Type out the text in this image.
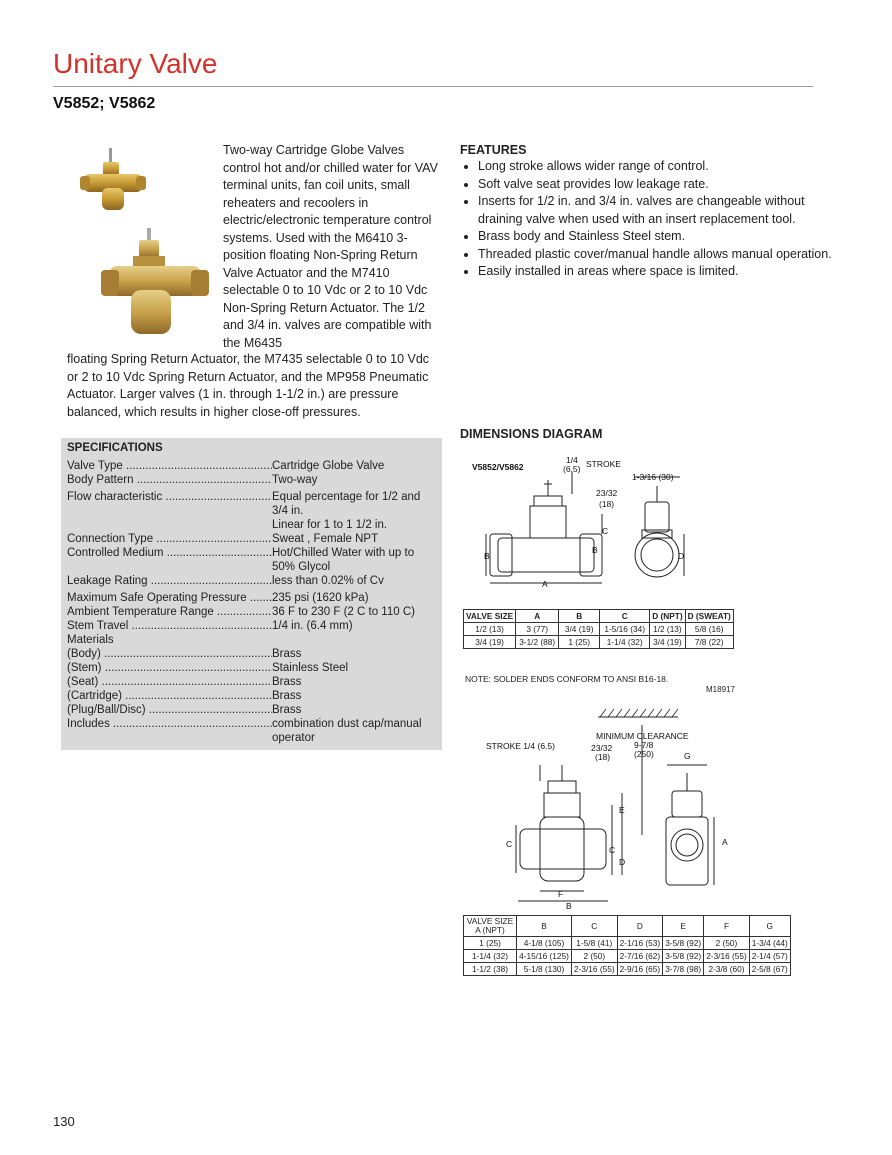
Unitary Valve
V5852; V5862
Two-way Cartridge Globe Valves control hot and/or chilled water for VAV terminal units, fan coil units, small reheaters and recoolers in electric/electronic temperature control systems. Used with the M6410 3-position floating Non-Spring Return Valve Actuator and the M7410 selectable 0 to 10 Vdc or 2 to 10 Vdc Non-Spring Return Actuator. The 1/2 and 3/4 in. valves are compatible with the M6435
floating Spring Return Actuator, the M7435 selectable 0 to 10 Vdc or 2 to 10 Vdc Spring Return Actuator, and the MP958 Pneumatic Actuator. Larger valves (1 in. through 1-1/2 in.) are pressure balanced, which results in higher close-off pressures.
FEATURES
• Long stroke allows wider range of control.
• Soft valve seat provides low leakage rate.
• Inserts for 1/2 in. and 3/4 in. valves are changeable without draining valve when used with an insert replacement tool.
• Brass body and Stainless Steel stem.
• Threaded plastic cover/manual handle allows manual operation.
• Easily installed in areas where space is limited.
SPECIFICATIONS
Valve Type .....	Cartridge Globe Valve
Body Pattern .....	Two-way
Flow characteristic .....	Equal percentage for 1/2 and 3/4 in.
Linear for 1 to 1 1/2 in.
Connection Type .....	Sweat , Female NPT
Controlled Medium .....	Hot/Chilled Water with up to 50% Glycol
Leakage Rating .....	less than 0.02% of Cv
Maximum Safe Operating Pressure .....	235 psi (1620 kPa)
Ambient Temperature Range .....	36 F to 230 F (2 C to 110 C)
Stem Travel .....	1/4 in. (6.4 mm)
Materials
(Body) .....	Brass
(Stem) .....	Stainless Steel
(Seat) .....	Brass
(Cartridge) .....	Brass
(Plug/Ball/Disc) .....	Brass
Includes .....	combination dust cap/manual operator
DIMENSIONS DIAGRAM
V5852/V5862
1/4
(6.5) STROKE
1-3/16 (30)
23/32
(18)
A
B
B
C
D
VALVE SIZE	A	B	C	D (NPT)	D (SWEAT)
1/2 (13)	3 (77)	3/4 (19)	1-5/16 (34)	1/2 (13)	5/8 (16)
3/4 (19)	3-1/2 (88)	1 (25)	1-1/4 (32)	3/4 (19)	7/8 (22)
NOTE: SOLDER ENDS CONFORM TO ANSI B16-18.
M18917
MINIMUM CLEARANCE
STROKE 1/4 (6.5)	23/32
(18)
9-7/8
(250)	G
E
C
C
D
A
F
B
VALVE SIZE A (NPT)	B	C	D	E	F	G
1 (25)	4-1/8 (105)	1-5/8 (41)	2-1/16 (53)	3-5/8 (92)	2 (50)	1-3/4 (44)
1-1/4 (32)	4-15/16 (125)	2 (50)	2-7/16 (62)	3-5/8 (92)	2-3/16 (55)	2-1/4 (57)
1-1/2 (38)	5-1/8 (130)	2-3/16 (55)	2-9/16 (65)	3-7/8 (98)	2-3/8 (60)	2-5/8 (67)
130
